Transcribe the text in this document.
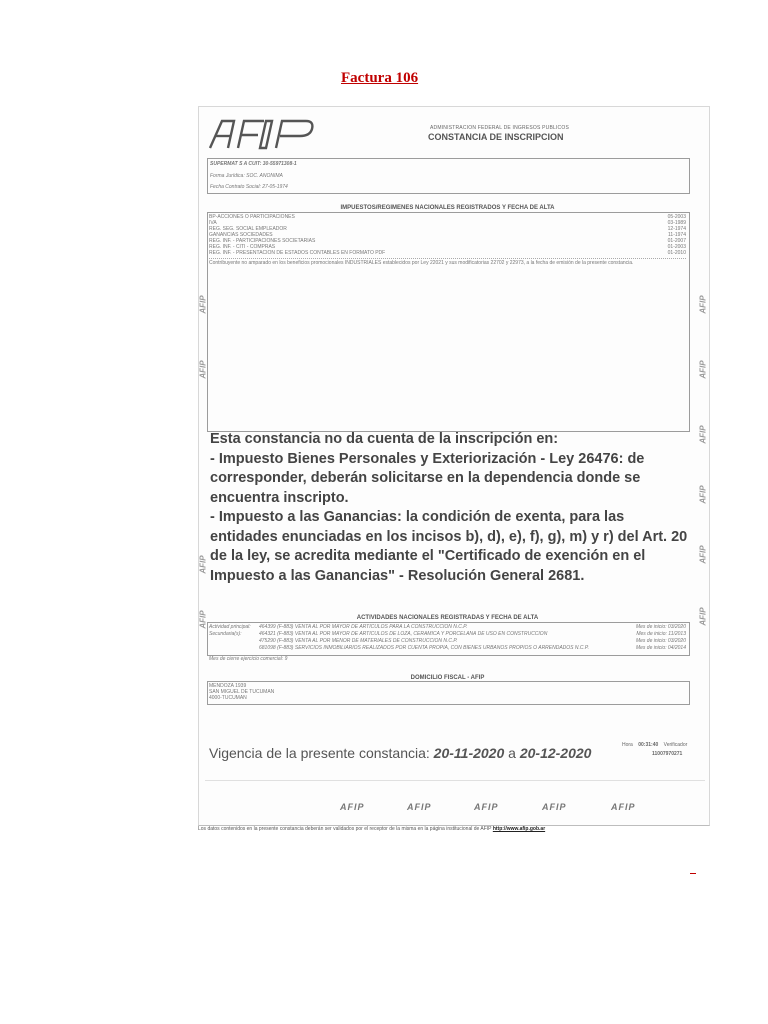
Factura 106
ADMINISTRACION FEDERAL DE INGRESOS PUBLICOS
CONSTANCIA DE INSCRIPCION
SUPERMAT S A CUIT: 30-55971308-1
Forma Jurídica: SOC. ANONIMA
Fecha Contrato Social: 27-05-1974
IMPUESTOS/REGIMENES NACIONALES REGISTRADOS Y FECHA DE ALTA
BP-ACCIONES O PARTICIPACIONES	05-2003
IVA	03-1989
REG. SEG. SOCIAL EMPLEADOR	12-1974
GANANCIAS SOCIEDADES	11-1974
REG. INF. - PARTICIPACIONES SOCIETARIAS	01-2007
REG. INF. - CITI - COMPRAS	01-2003
REG. INF. - PRESENTACION DE ESTADOS CONTABLES EN FORMATO PDF	01-2010
Contribuyente no amparado en los beneficios promocionales INDUSTRIALES establecidos por Ley 22021 y sus modificatorias 22702 y 22973, a la fecha de emisión de la presente constancia.
AFIP
AFIP
AFIP
AFIP
AFIP
AFIP
AFIP
AFIP
AFIP
AFIP
Esta constancia no da cuenta de la inscripción en:
- Impuesto Bienes Personales y Exteriorización - Ley 26476: de corresponder, deberán solicitarse en la dependencia donde se encuentra inscripto.
- Impuesto a las Ganancias: la condición de exenta, para las entidades enunciadas en los incisos b), d), e), f), g), m) y r) del Art. 20 de la ley, se acredita mediante el "Certificado de exención en el Impuesto a las Ganancias" - Resolución General 2681.
ACTIVIDADES NACIONALES REGISTRADAS Y FECHA DE ALTA
Actividad principal:	464399 (F-883) VENTA AL POR MAYOR DE ARTICULOS PARA LA CONSTRUCCION N.C.P.	Mes de inicio: 03/2020
Secundaria(s):	464321 (F-883) VENTA AL POR MAYOR DE ARTICULOS DE LOZA, CERAMICA Y PORCELANA DE USO EN CONSTRUCCION	Mes de inicio: 11/2013
475290 (F-883) VENTA AL POR MENOR DE MATERIALES DE CONSTRUCCION N.C.P.	Mes de inicio: 03/2020
681098 (F-883) SERVICIOS INMOBILIARIOS REALIZADOS POR CUENTA PROPIA, CON BIENES URBANOS PROPIOS O ARRENDADOS N.C.P.	Mes de inicio: 04/2014
Mes de cierre ejercicio comercial: 9
DOMICILIO FISCAL - AFIP
MENDOZA 1939
SAN MIGUEL DE TUCUMAN
4000-TUCUMAN
Vigencia de la presente constancia: 20-11-2020 a 20-12-2020	Hora 00:31:40 Verificador
11007970271
AFIP	AFIP	AFIP	AFIP	AFIP
Los datos contenidos en la presente constancia deberán ser validados por el receptor de la misma en la página institucional de AFIP http://www.afip.gob.ar
